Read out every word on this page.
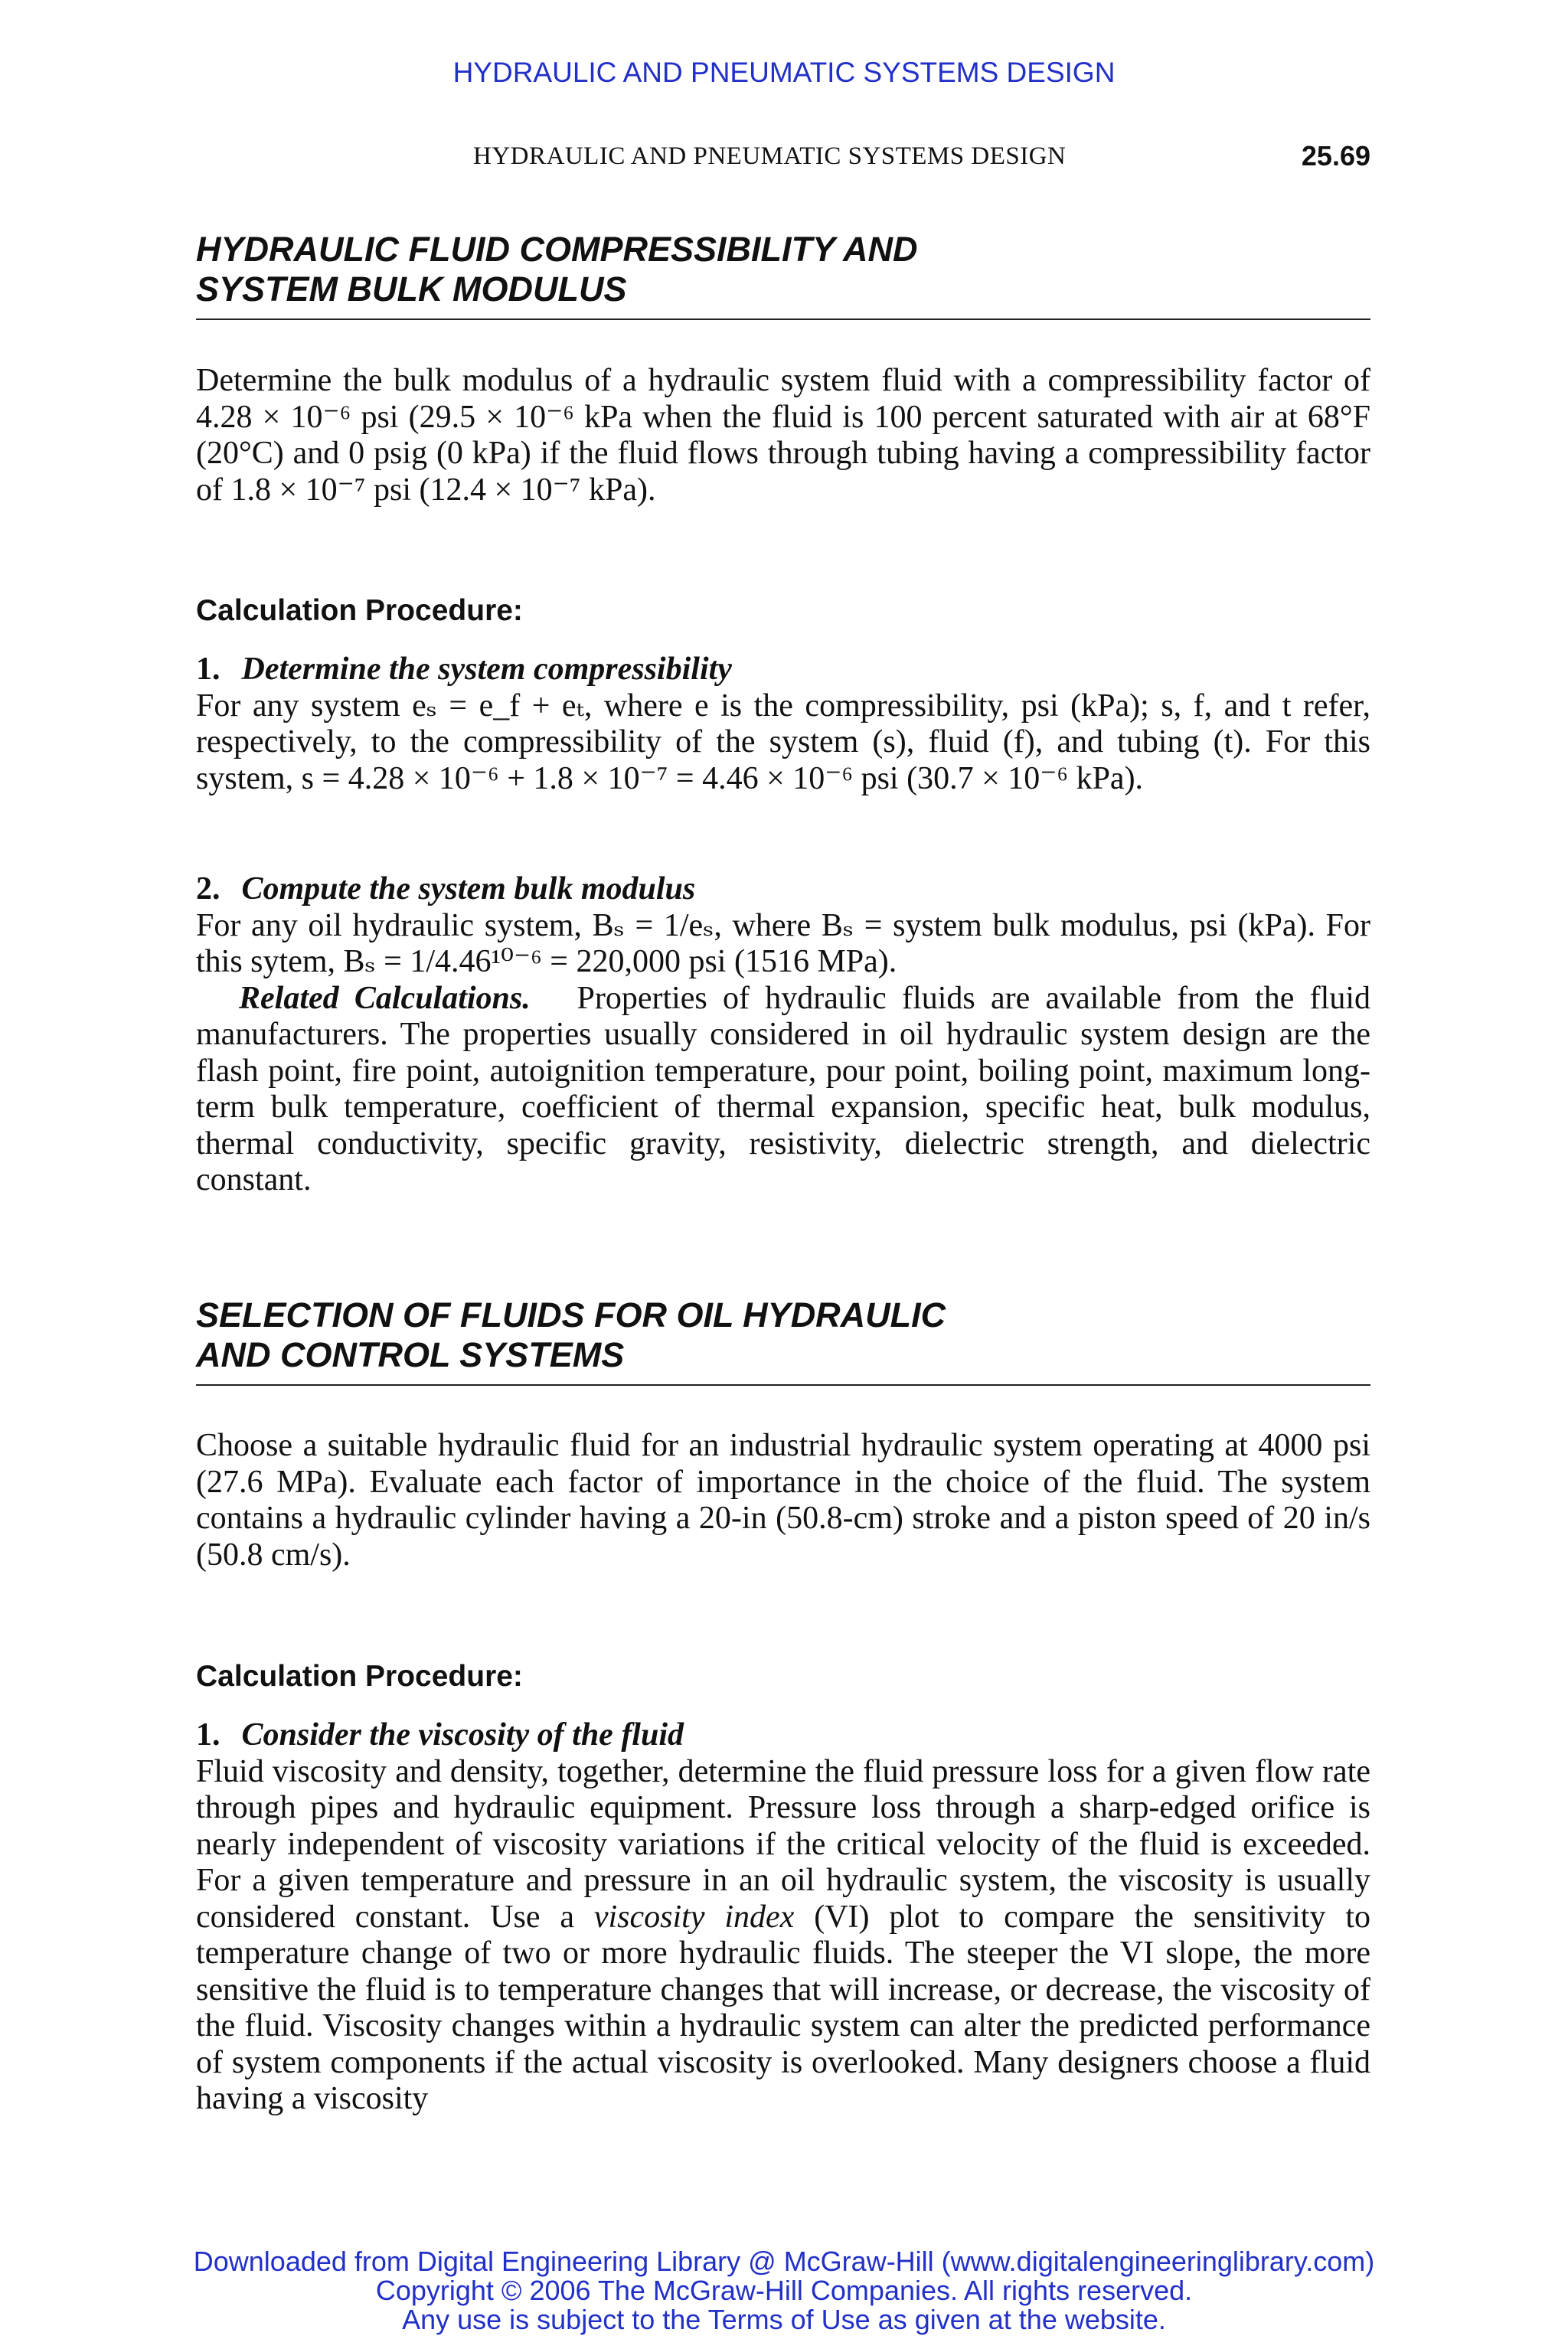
HYDRAULIC AND PNEUMATIC SYSTEMS DESIGN
HYDRAULIC AND PNEUMATIC SYSTEMS DESIGN	25.69
HYDRAULIC FLUID COMPRESSIBILITY AND
SYSTEM BULK MODULUS

Determine the bulk modulus of a hydraulic system fluid with a compressibility factor of 4.28 × 10⁻⁶ psi (29.5 × 10⁻⁶ kPa when the fluid is 100 percent saturated with air at 68°F (20°C) and 0 psig (0 kPa) if the fluid flows through tubing having a compressibility factor of 1.8 × 10⁻⁷ psi (12.4 × 10⁻⁷ kPa).

Calculation Procedure:

1. Determine the system compressibility

For any system eₛ = e_f + eₜ, where e is the compressibility, psi (kPa); s, f, and t refer, respectively, to the compressibility of the system (s), fluid (f), and tubing (t). For this system, s = 4.28 × 10⁻⁶ + 1.8 × 10⁻⁷ = 4.46 × 10⁻⁶ psi (30.7 × 10⁻⁶ kPa).

2. Compute the system bulk modulus

For any oil hydraulic system, Bₛ = 1/eₛ, where Bₛ = system bulk modulus, psi (kPa). For this sytem, Bₛ = 1/4.46¹⁰⁻⁶ = 220,000 psi (1516 MPa).

Related Calculations. Properties of hydraulic fluids are available from the fluid manufacturers. The properties usually considered in oil hydraulic system design are the flash point, fire point, autoignition temperature, pour point, boiling point, maximum long-term bulk temperature, coefficient of thermal expansion, specific heat, bulk modulus, thermal conductivity, specific gravity, resistivity, dielectric strength, and dielectric constant.

SELECTION OF FLUIDS FOR OIL HYDRAULIC
AND CONTROL SYSTEMS

Choose a suitable hydraulic fluid for an industrial hydraulic system operating at 4000 psi (27.6 MPa). Evaluate each factor of importance in the choice of the fluid. The system contains a hydraulic cylinder having a 20-in (50.8-cm) stroke and a piston speed of 20 in/s (50.8 cm/s).

Calculation Procedure:

1. Consider the viscosity of the fluid

Fluid viscosity and density, together, determine the fluid pressure loss for a given flow rate through pipes and hydraulic equipment. Pressure loss through a sharp-edged orifice is nearly independent of viscosity variations if the critical velocity of the fluid is exceeded. For a given temperature and pressure in an oil hydraulic system, the viscosity is usually considered constant. Use a viscosity index (VI) plot to compare the sensitivity to temperature change of two or more hydraulic fluids. The steeper the VI slope, the more sensitive the fluid is to temperature changes that will increase, or decrease, the viscosity of the fluid. Viscosity changes within a hydraulic system can alter the predicted performance of system components if the actual viscosity is overlooked. Many designers choose a fluid having a viscosity

Downloaded from Digital Engineering Library @ McGraw-Hill (www.digitalengineeringlibrary.com)
Copyright © 2006 The McGraw-Hill Companies. All rights reserved.
Any use is subject to the Terms of Use as given at the website.
